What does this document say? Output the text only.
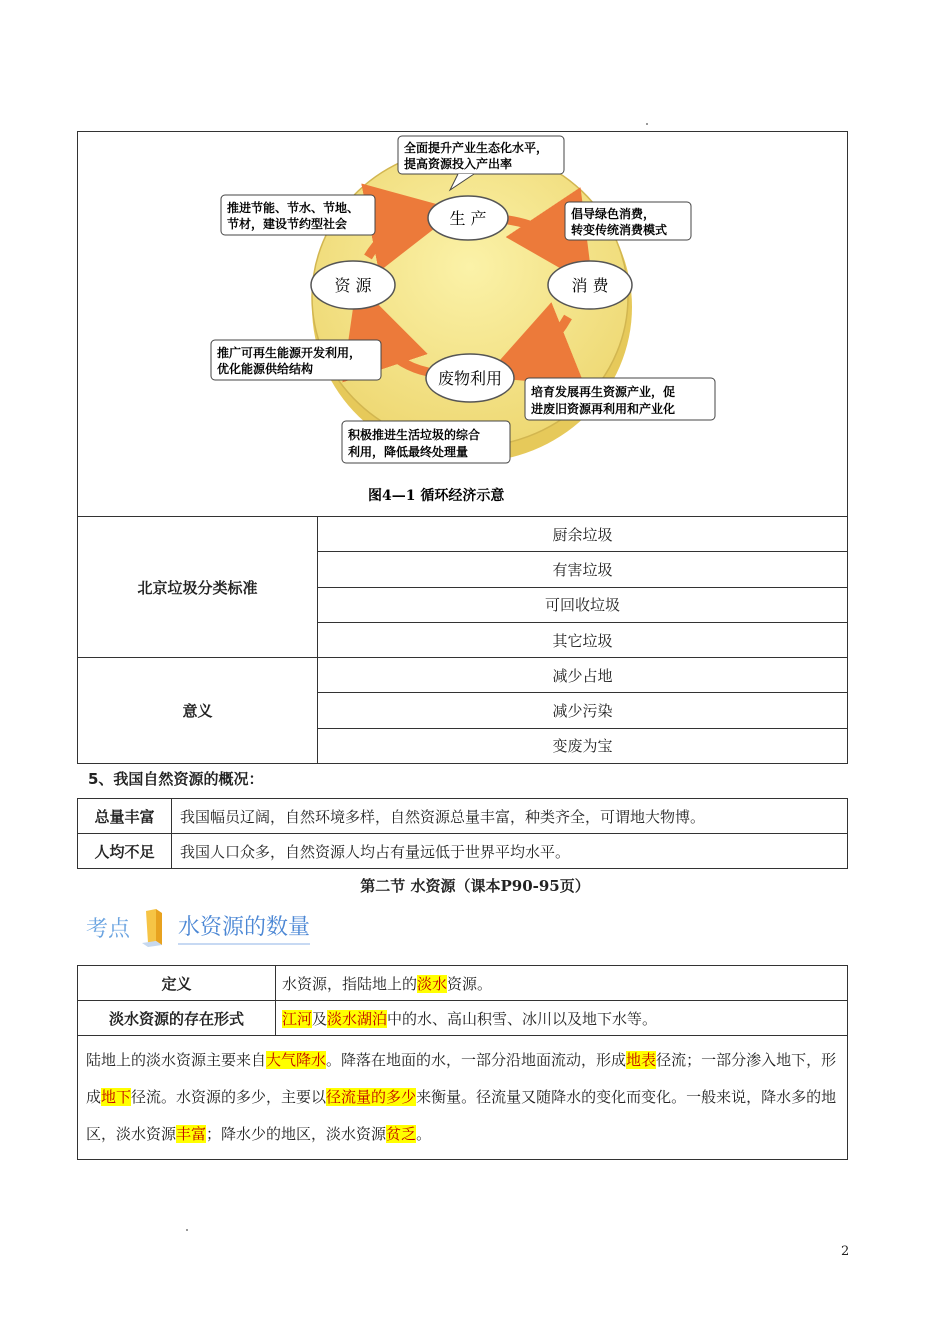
生 产
消 费
废物利用
资 源
全面提升产业生态化水平，
提高资源投入产出率
倡导绿色消费，
转变传统消费模式
推进节能、节水、节地、
节材，建设节约型社会
推广可再生能源开发利用，
优化能源供给结构
培育发展再生资源产业，促
进废旧资源再利用和产业化
积极推进生活垃圾的综合
利用，降低最终处理量
图4—1 循环经济示意
北京垃圾分类标准	厨余垃圾
	有害垃圾
	可回收垃圾
	其它垃圾
意义	减少占地
	减少污染
	变废为宝
5、我国自然资源的概况：
总量丰富	我国幅员辽阔，自然环境多样，自然资源总量丰富，种类齐全，可谓地大物博。
人均不足	我国人口众多，自然资源人均占有量远低于世界平均水平。
第二节 水资源（课本P90-95页）
考点 水资源的数量
定义	水资源，指陆地上的淡水资源。
淡水资源的存在形式	江河及淡水湖泊中的水、高山积雪、冰川以及地下水等。
陆地上的淡水资源主要来自大气降水。降落在地面的水，一部分沿地面流动，形成地表径流；一部分渗入地下，形成地下径流。水资源的多少，主要以径流量的多少来衡量。径流量又随降水的变化而变化。一般来说，降水多的地区，淡水资源丰富；降水少的地区，淡水资源贫乏。	
2
